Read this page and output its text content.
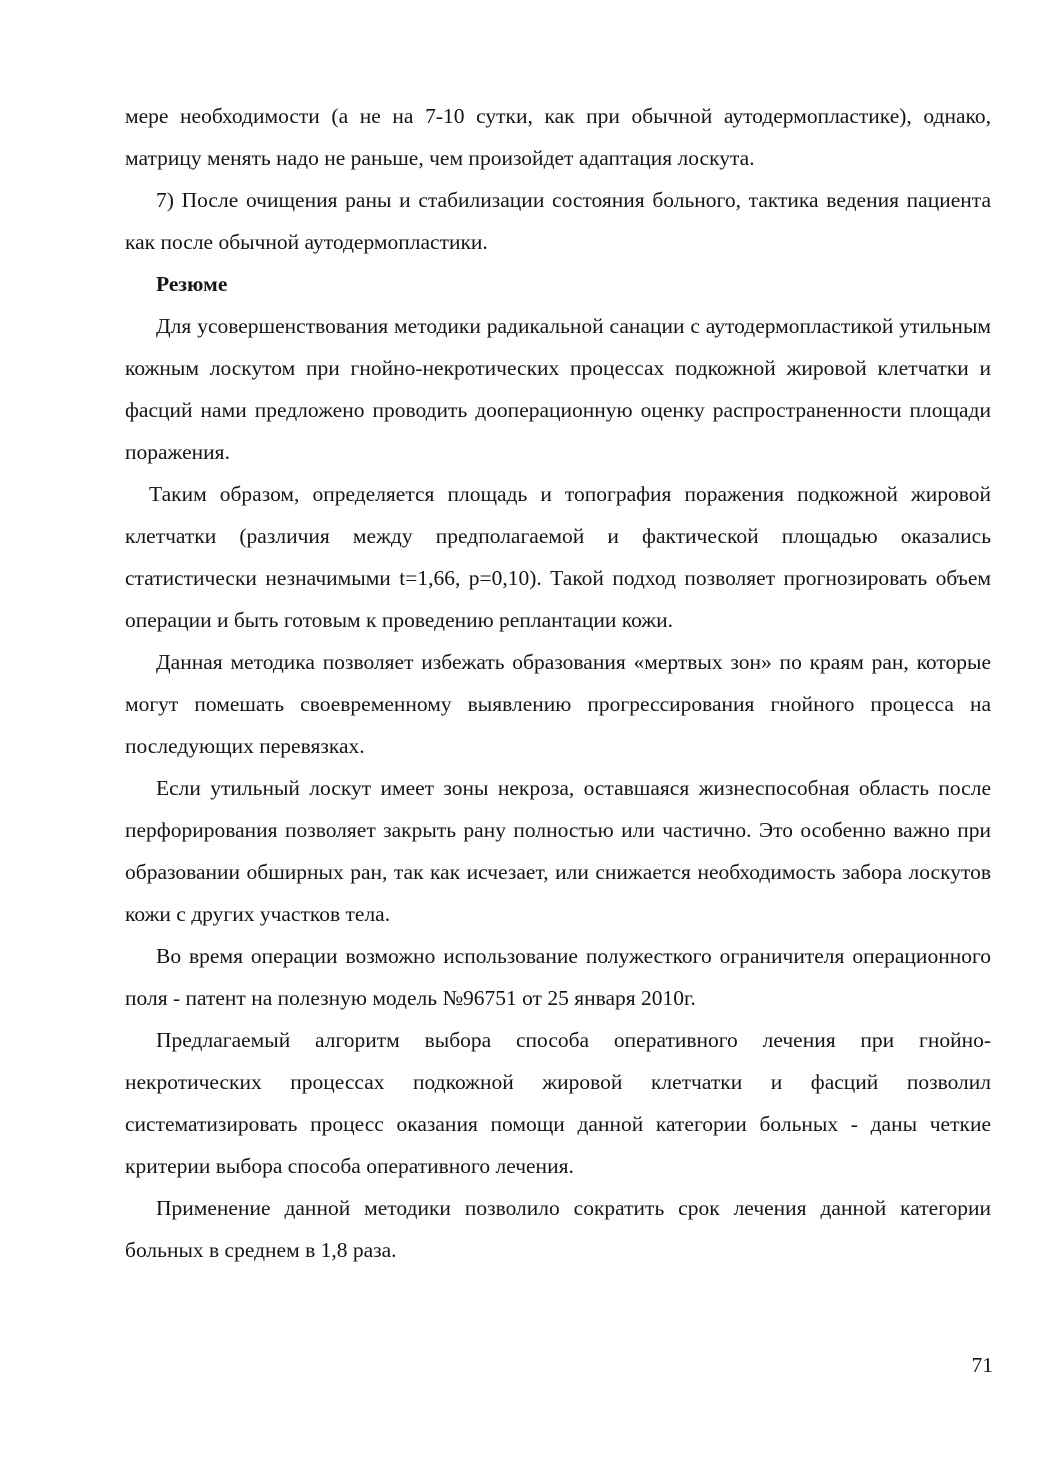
мере необходимости (а не на 7-10 сутки, как при обычной аутодермопластике), однако, матрицу менять надо не раньше, чем произойдет адаптация лоскута.

7) После очищения раны и стабилизации состояния больного, тактика ведения пациента как после обычной аутодермопластики.

Резюме

Для усовершенствования методики радикальной санации с аутодермопластикой утильным кожным лоскутом при гнойно-некротических процессах подкожной жировой клетчатки и фасций нами предложено проводить дооперационную оценку распространенности площади поражения.

Таким образом, определяется площадь и топография поражения подкожной жировой клетчатки (различия между предполагаемой и фактической площадью оказались статистически незначимыми t=1,66, p=0,10). Такой подход позволяет прогнозировать объем операции и быть готовым к проведению реплантации кожи.

Данная методика позволяет избежать образования «мертвых зон» по краям ран, которые могут помешать своевременному выявлению прогрессирования гнойного процесса на последующих перевязках.

Если утильный лоскут имеет зоны некроза, оставшаяся жизнеспособная область после перфорирования позволяет закрыть рану полностью или частично. Это особенно важно при образовании обширных ран, так как исчезает, или снижается необходимость забора лоскутов кожи с других участков тела.

Во время операции возможно использование полужесткого ограничителя операционного поля - патент на полезную модель №96751 от 25 января 2010г.

Предлагаемый алгоритм выбора способа оперативного лечения при гнойно-некротических процессах подкожной жировой клетчатки и фасций позволил систематизировать процесс оказания помощи данной категории больных - даны четкие критерии выбора способа оперативного лечения.

Применение данной методики позволило сократить срок лечения данной категории больных в среднем в 1,8 раза.

71
